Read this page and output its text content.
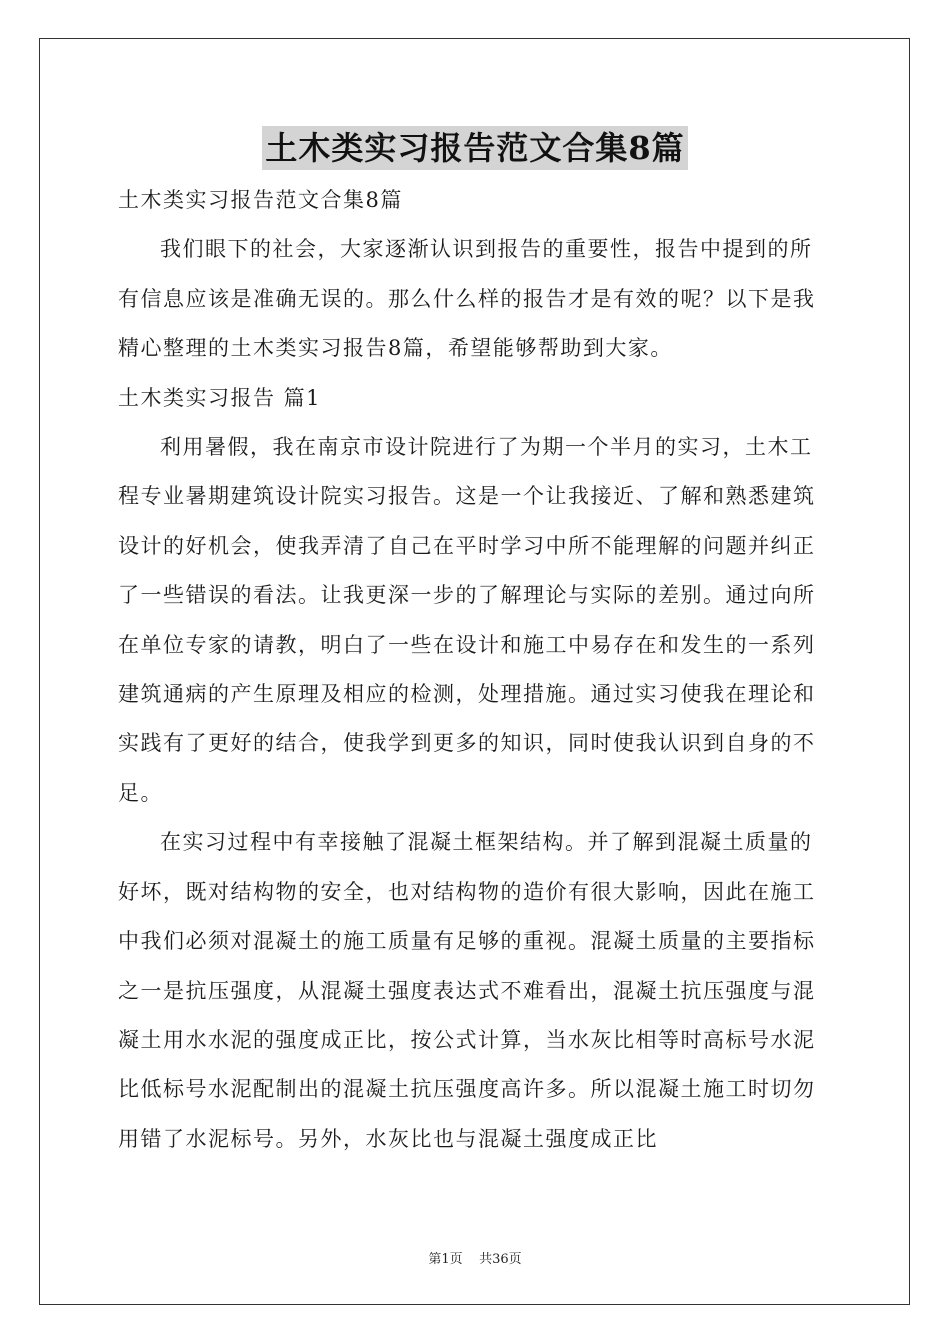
土木类实习报告范文合集8篇

土木类实习报告范文合集8篇

我们眼下的社会，大家逐渐认识到报告的重要性，报告中提到的所有信息应该是准确无误的。那么什么样的报告才是有效的呢？以下是我精心整理的土木类实习报告8篇，希望能够帮助到大家。

土木类实习报告 篇1

利用暑假，我在南京市设计院进行了为期一个半月的实习，土木工程专业暑期建筑设计院实习报告。这是一个让我接近、了解和熟悉建筑设计的好机会，使我弄清了自己在平时学习中所不能理解的问题并纠正了一些错误的看法。让我更深一步的了解理论与实际的差别。通过向所在单位专家的请教，明白了一些在设计和施工中易存在和发生的一系列建筑通病的产生原理及相应的检测，处理措施。通过实习使我在理论和实践有了更好的结合，使我学到更多的知识，同时使我认识到自身的不足。

在实习过程中有幸接触了混凝土框架结构。并了解到混凝土质量的好坏，既对结构物的安全，也对结构物的造价有很大影响，因此在施工中我们必须对混凝土的施工质量有足够的重视。混凝土质量的主要指标之一是抗压强度，从混凝土强度表达式不难看出，混凝土抗压强度与混凝土用水水泥的强度成正比，按公式计算，当水灰比相等时高标号水泥比低标号水泥配制出的混凝土抗压强度高许多。所以混凝土施工时切勿用错了水泥标号。另外，水灰比也与混凝土强度成正比

第1页 共36页
